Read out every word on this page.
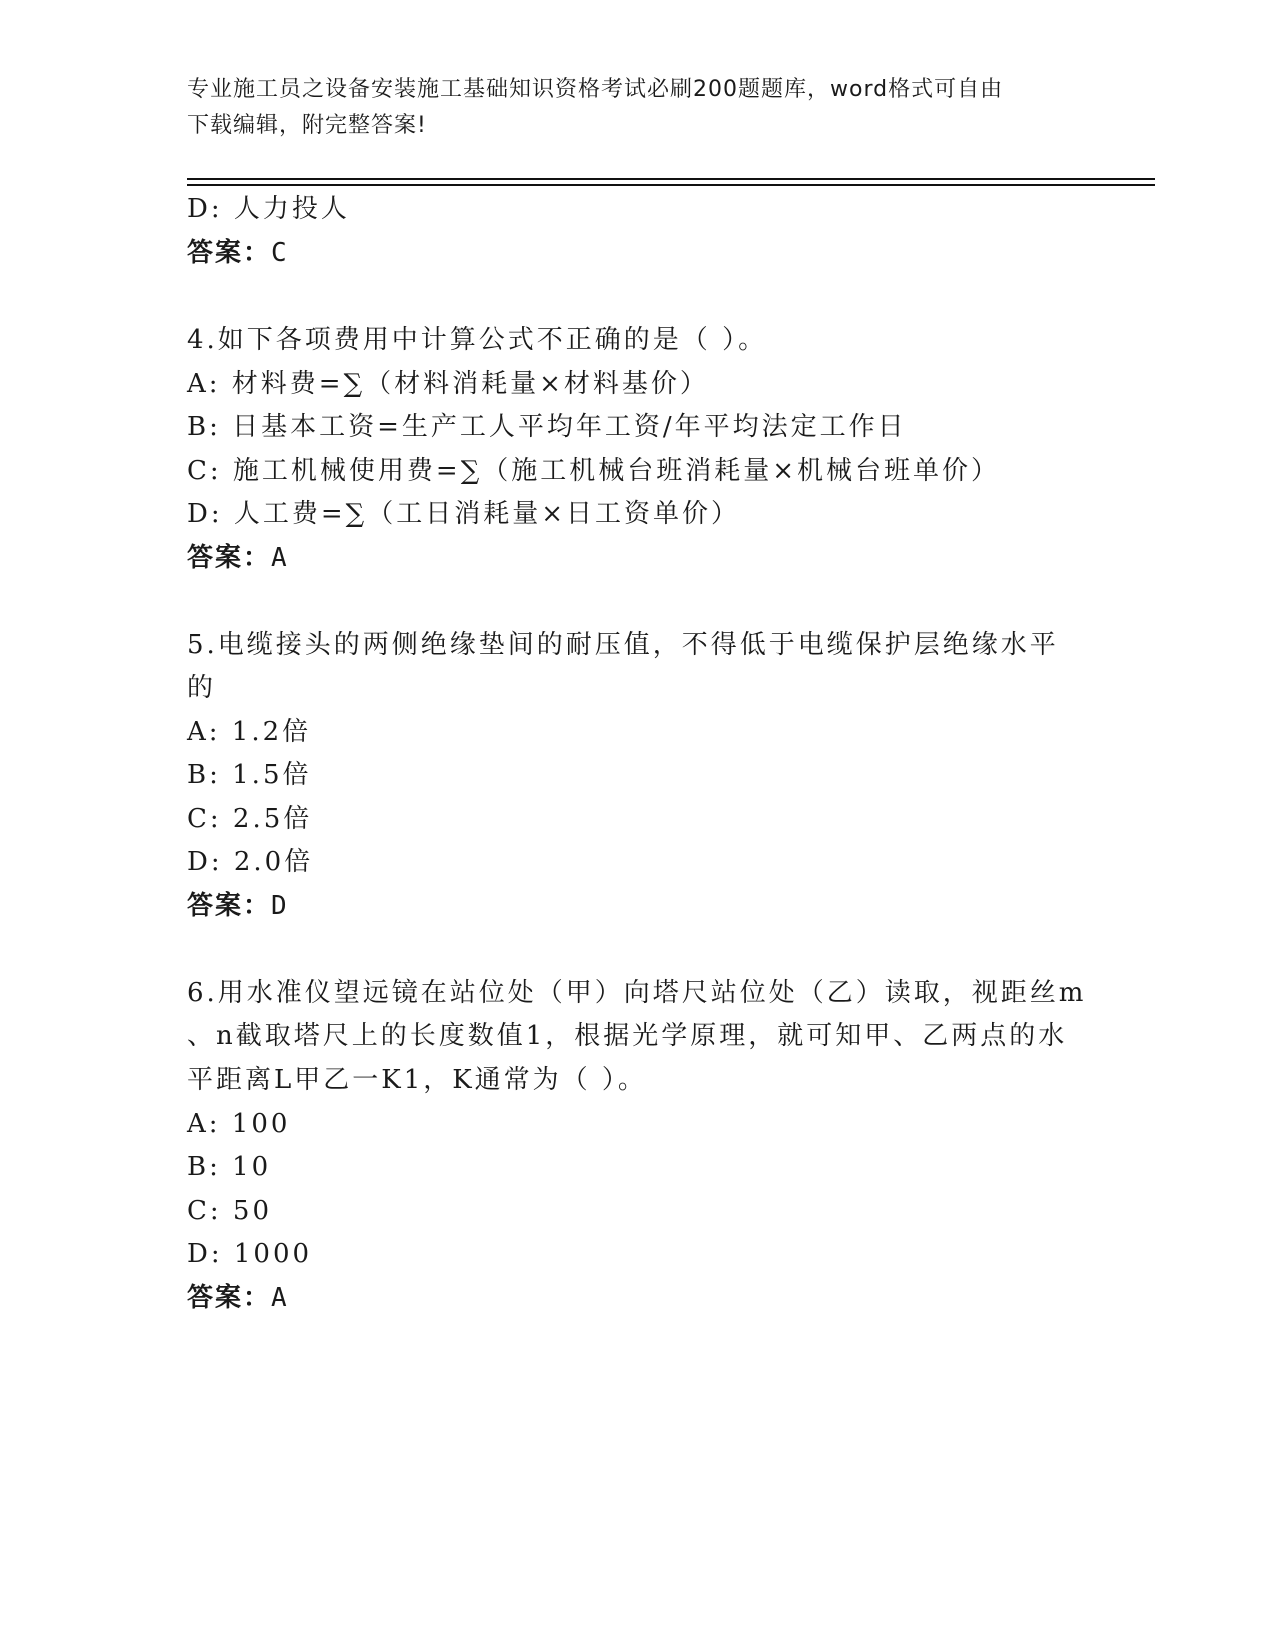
专业施工员之设备安装施工基础知识资格考试必刷200题题库，word格式可自由
下载编辑，附完整答案!
D: 人力投人
答案：C
4.如下各项费用中计算公式不正确的是（ ）。
A: 材料费=∑（材料消耗量×材料基价）
B: 日基本工资=生产工人平均年工资/年平均法定工作日
C: 施工机械使用费=∑（施工机械台班消耗量×机械台班单价）
D: 人工费=∑（工日消耗量×日工资单价）
答案：A
5.电缆接头的两侧绝缘垫间的耐压值，不得低于电缆保护层绝缘水平
的
A: 1.2倍
B: 1.5倍
C: 2.5倍
D: 2.0倍
答案：D
6.用水准仪望远镜在站位处（甲）向塔尺站位处（乙）读取，视距丝m
、n截取塔尺上的长度数值1，根据光学原理，就可知甲、乙两点的水
平距离L甲乙一K1，K通常为（ ）。
A: 100
B: 10
C: 50
D: 1000
答案：A
